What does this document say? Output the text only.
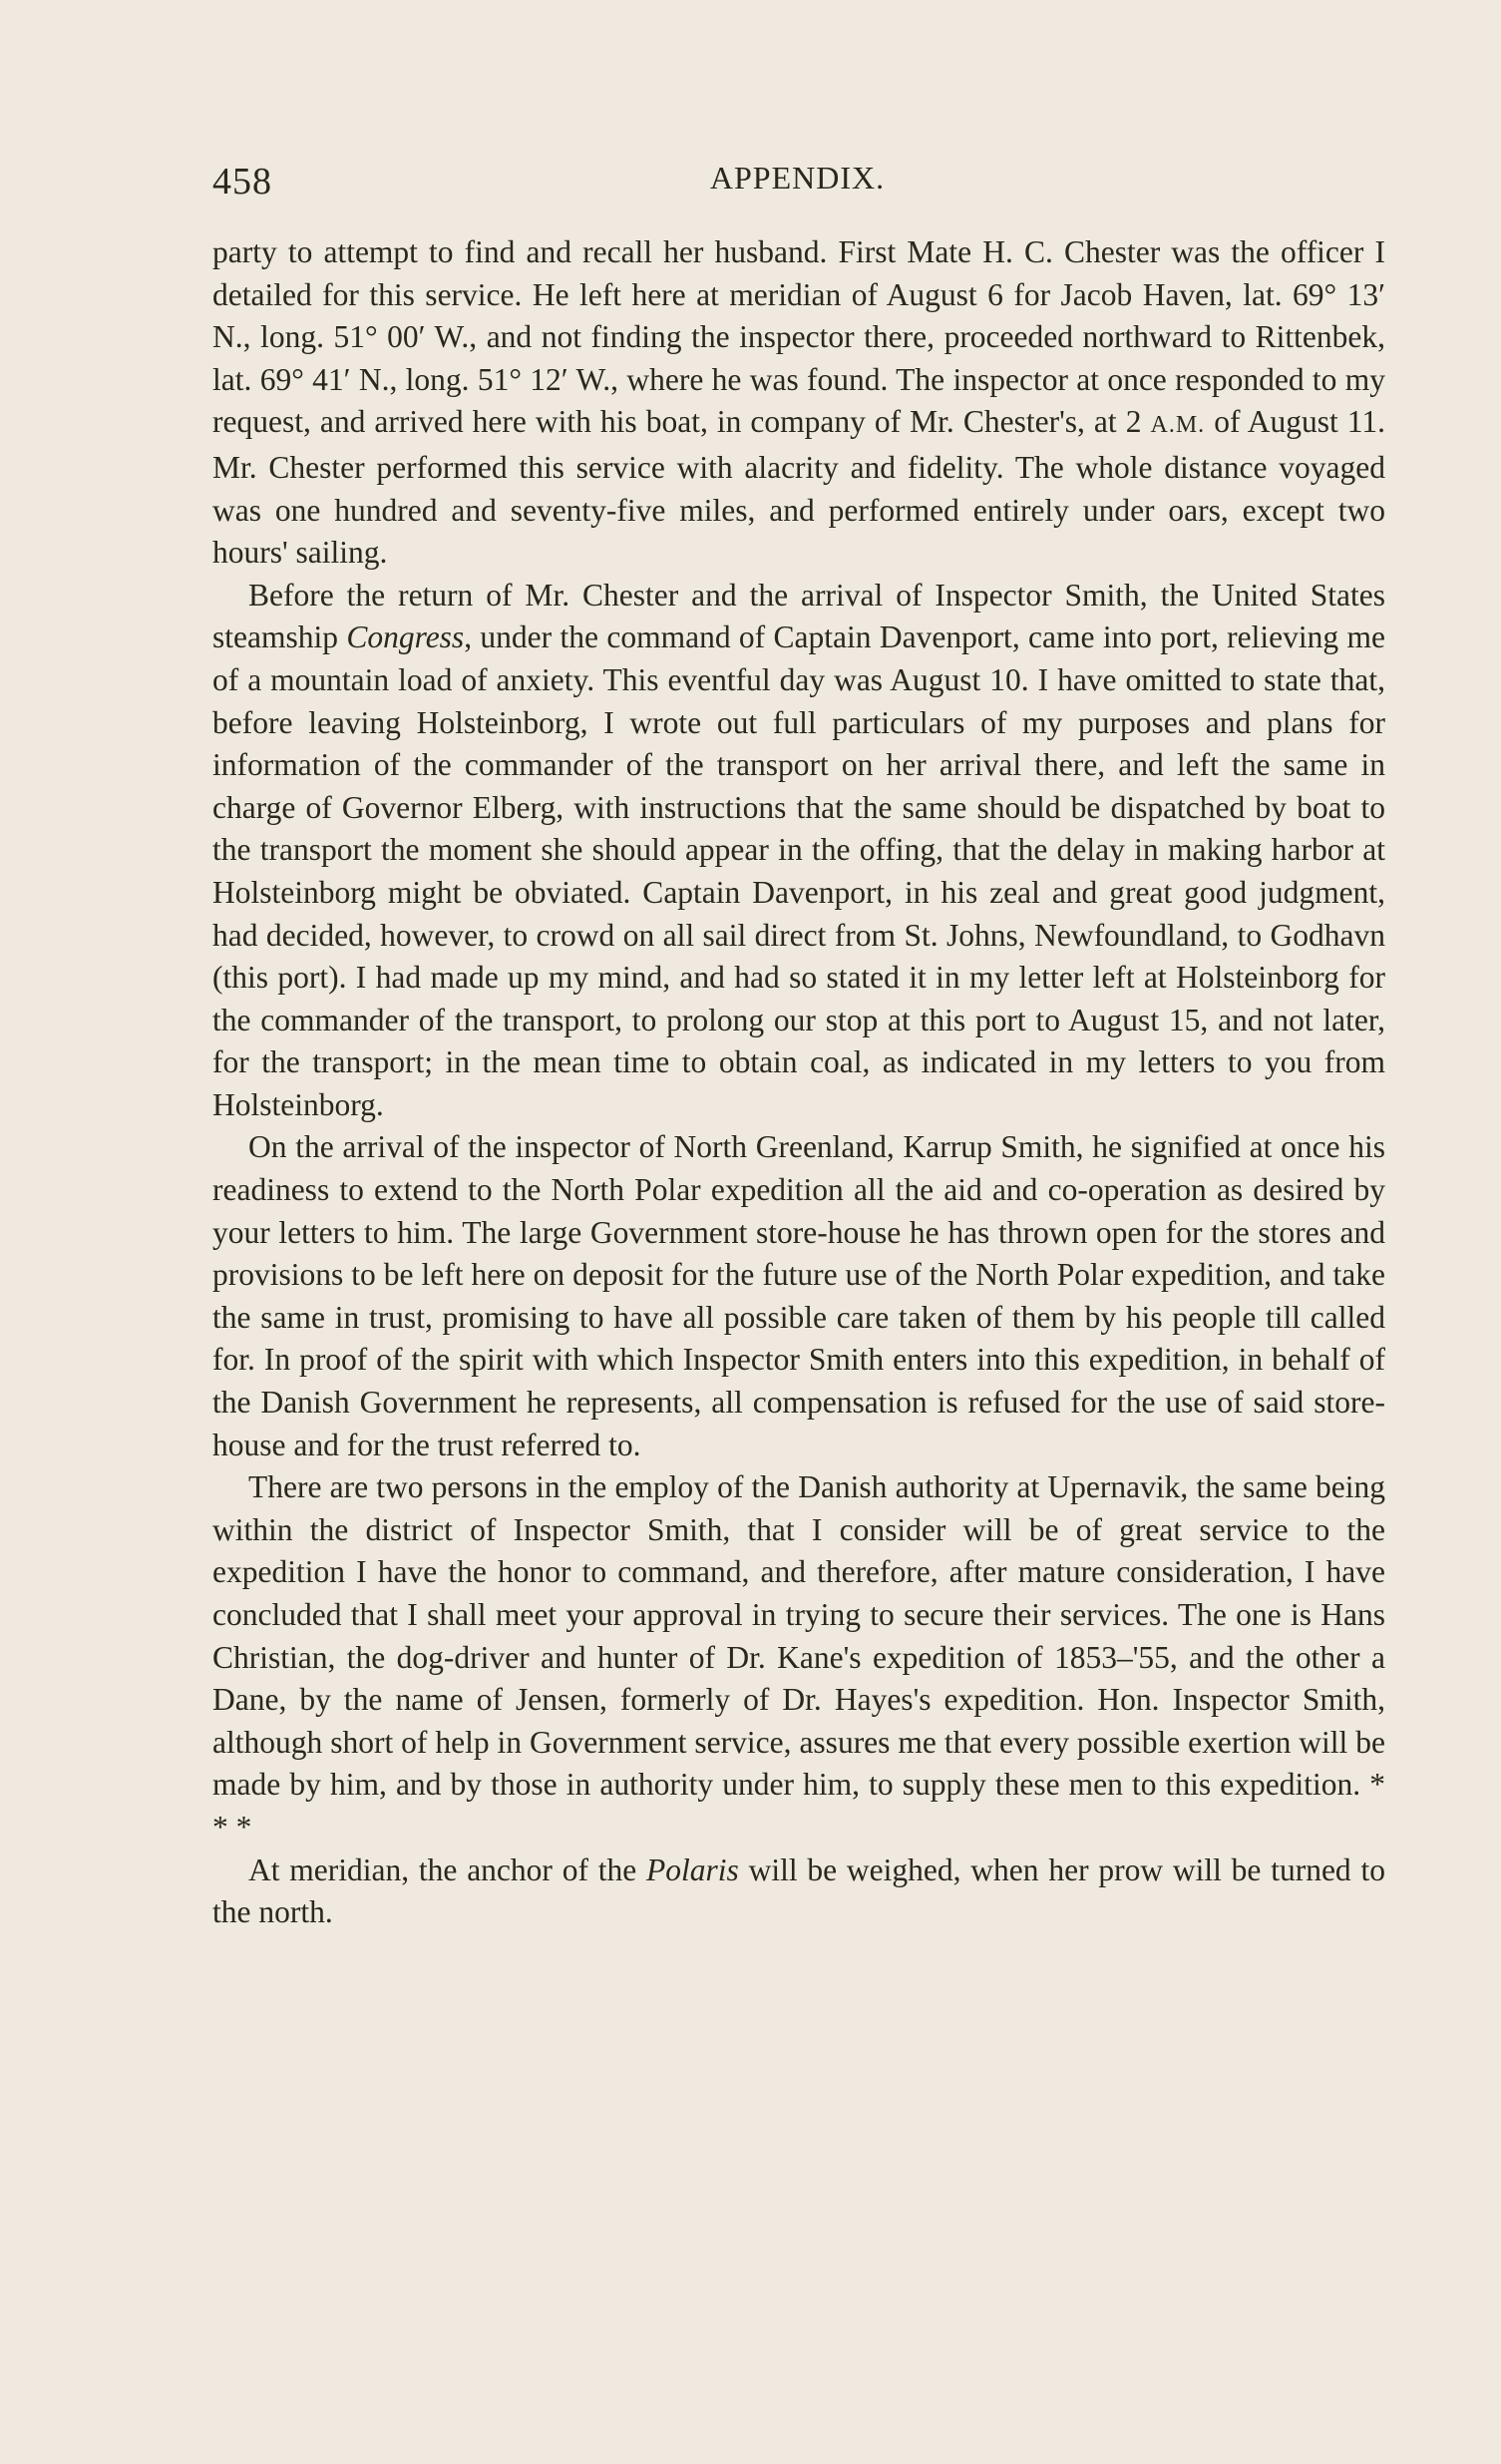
458	APPENDIX.

party to attempt to find and recall her husband. First Mate H. C. Chester was the officer I detailed for this service. He left here at meridian of August 6 for Jacob Haven, lat. 69° 13′ N., long. 51° 00′ W., and not finding the inspector there, proceeded northward to Rittenbek, lat. 69° 41′ N., long. 51° 12′ W., where he was found. The inspector at once responded to my request, and arrived here with his boat, in company of Mr. Chester's, at 2 A.M. of August 11. Mr. Chester performed this service with alacrity and fidelity. The whole distance voyaged was one hundred and seventy-five miles, and performed entirely under oars, except two hours' sailing.

Before the return of Mr. Chester and the arrival of Inspector Smith, the United States steamship Congress, under the command of Captain Davenport, came into port, relieving me of a mountain load of anxiety. This eventful day was August 10. I have omitted to state that, before leaving Holsteinborg, I wrote out full particulars of my purposes and plans for information of the commander of the transport on her arrival there, and left the same in charge of Governor Elberg, with instructions that the same should be dispatched by boat to the transport the moment she should appear in the offing, that the delay in making harbor at Holsteinborg might be obviated. Captain Davenport, in his zeal and great good judgment, had decided, however, to crowd on all sail direct from St. Johns, Newfoundland, to Godhavn (this port). I had made up my mind, and had so stated it in my letter left at Holsteinborg for the commander of the transport, to prolong our stop at this port to August 15, and not later, for the transport; in the mean time to obtain coal, as indicated in my letters to you from Holsteinborg.

On the arrival of the inspector of North Greenland, Karrup Smith, he signified at once his readiness to extend to the North Polar expedition all the aid and co-operation as desired by your letters to him. The large Government store-house he has thrown open for the stores and provisions to be left here on deposit for the future use of the North Polar expedition, and take the same in trust, promising to have all possible care taken of them by his people till called for. In proof of the spirit with which Inspector Smith enters into this expedition, in behalf of the Danish Government he represents, all compensation is refused for the use of said store-house and for the trust referred to.

There are two persons in the employ of the Danish authority at Upernavik, the same being within the district of Inspector Smith, that I consider will be of great service to the expedition I have the honor to command, and therefore, after mature consideration, I have concluded that I shall meet your approval in trying to secure their services. The one is Hans Christian, the dog-driver and hunter of Dr. Kane's expedition of 1853–'55, and the other a Dane, by the name of Jensen, formerly of Dr. Hayes's expedition. Hon. Inspector Smith, although short of help in Government service, assures me that every possible exertion will be made by him, and by those in authority under him, to supply these men to this expedition. * * *

At meridian, the anchor of the Polaris will be weighed, when her prow will be turned to the north.
